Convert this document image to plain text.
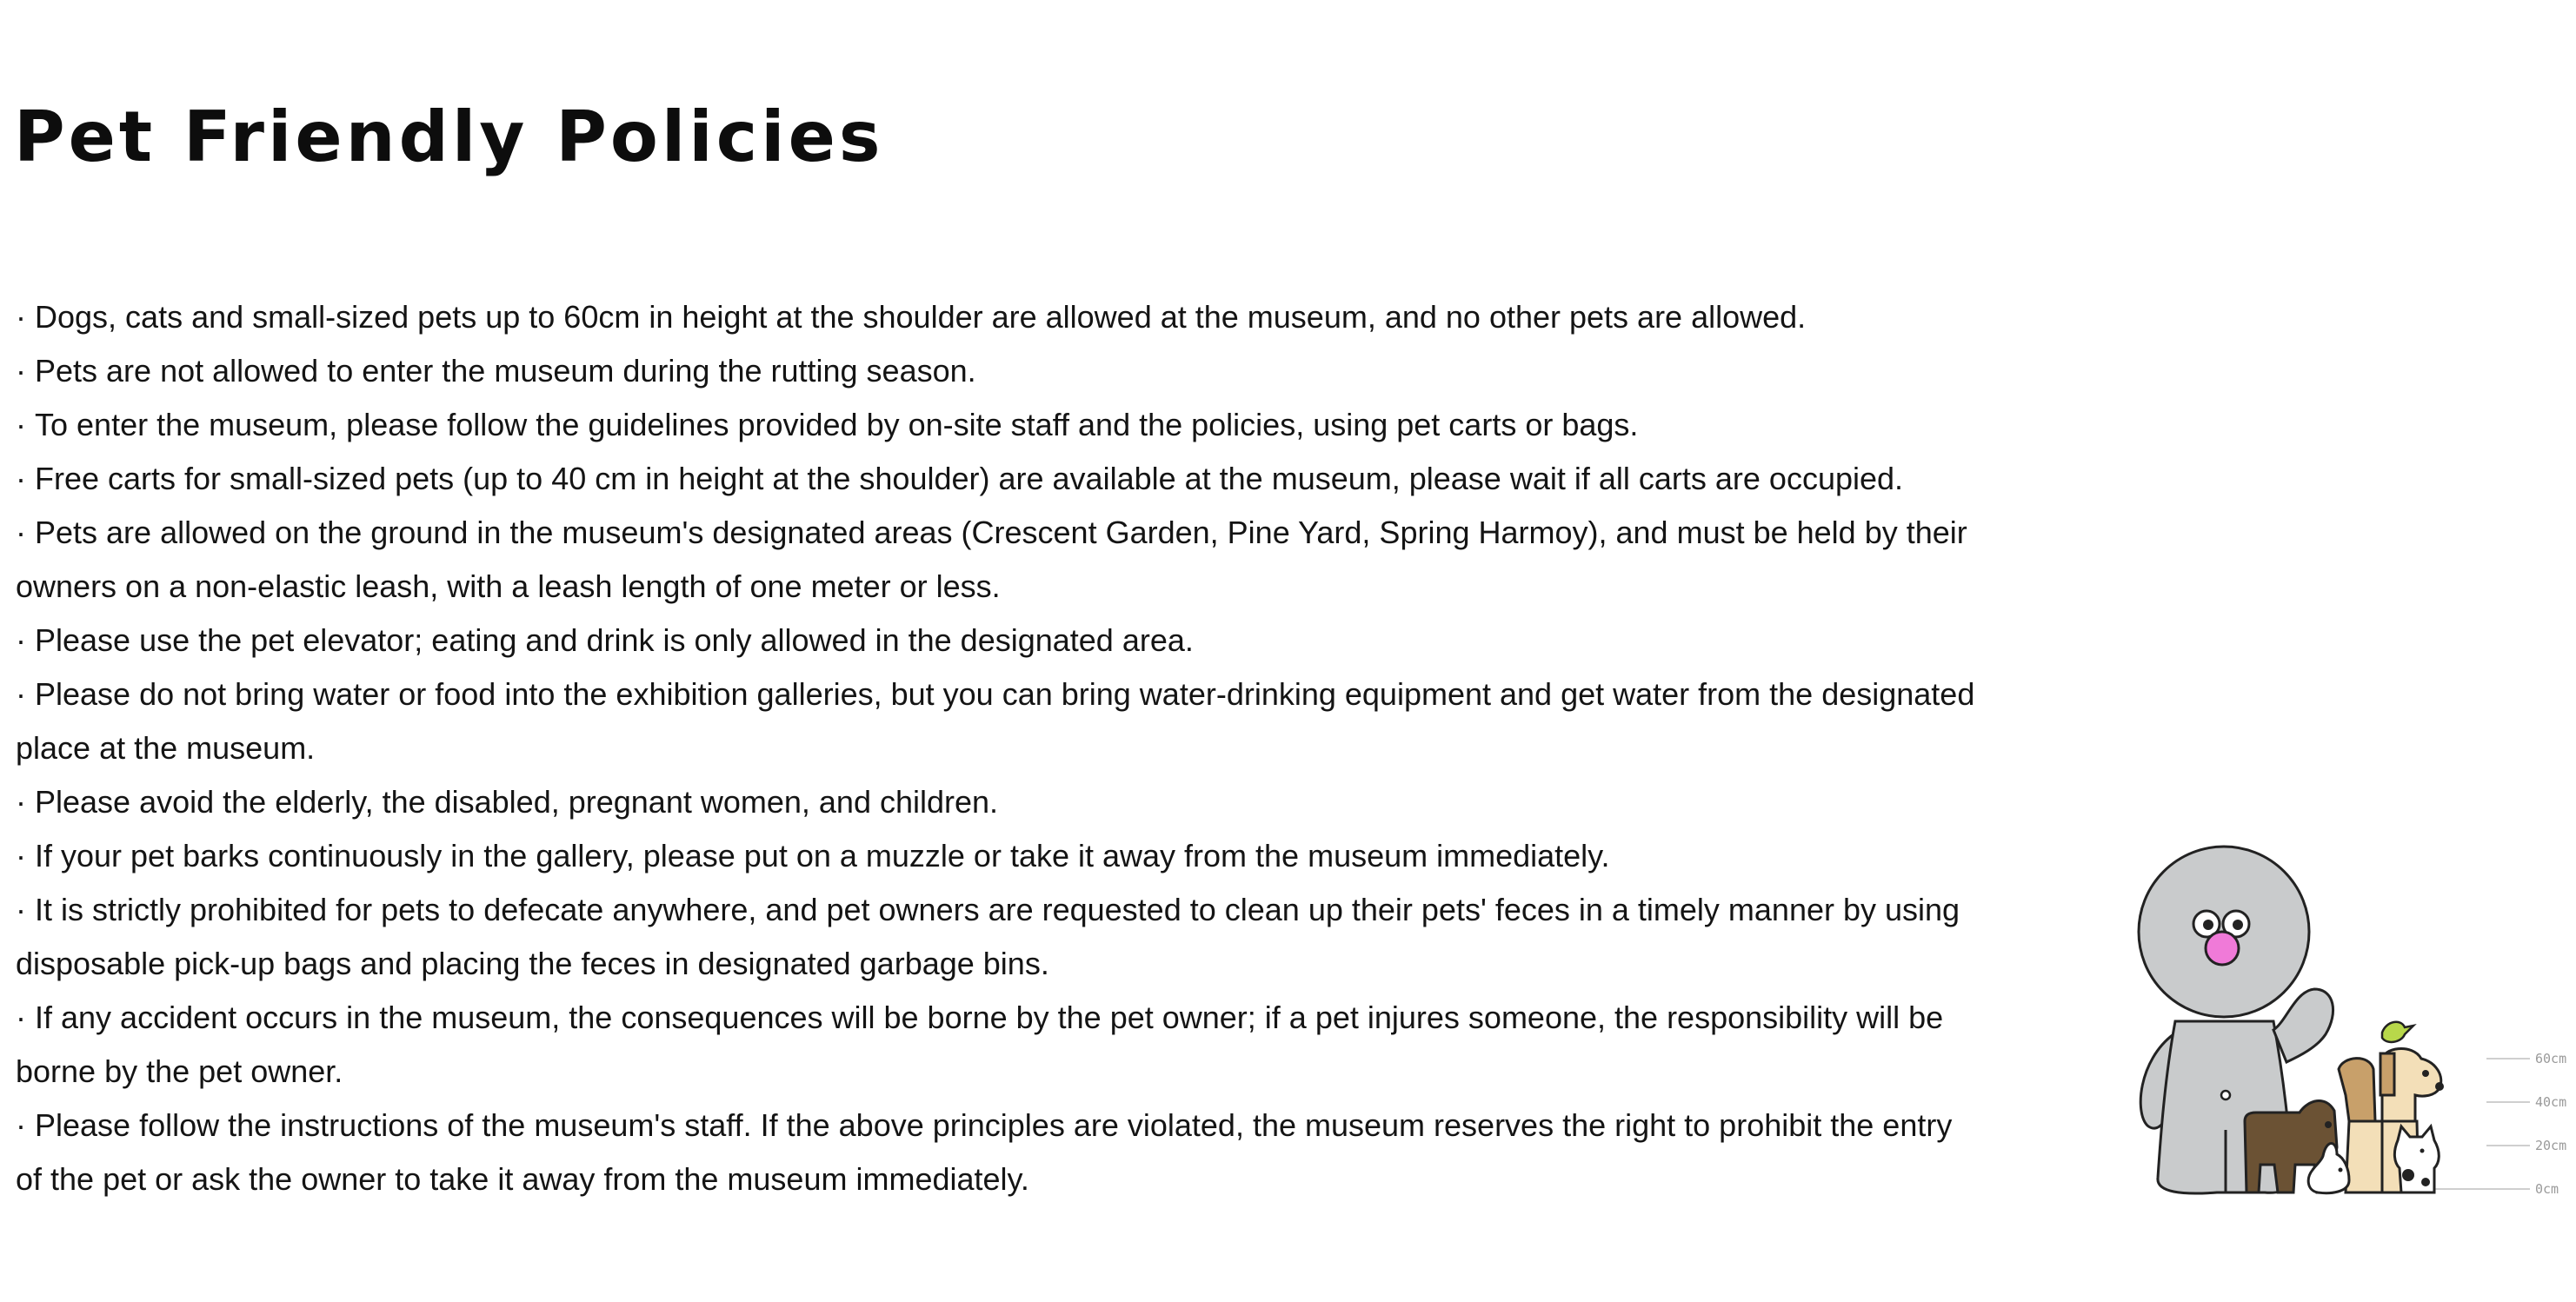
Pet Friendly Policies
· Dogs, cats and small-sized pets up to 60cm in height at the shoulder are allowed at the museum, and no other pets are allowed.
· Pets are not allowed to enter the museum during the rutting season.
· To enter the museum, please follow the guidelines provided by on-site staff and the policies, using pet carts or bags.
· Free carts for small-sized pets (up to 40 cm in height at the shoulder) are available at the museum, please wait if all carts are occupied.
· Pets are allowed on the ground in the museum's designated areas (Crescent Garden, Pine Yard, Spring Harmoy), and must be held by their owners on a non-elastic leash, with a leash length of one meter or less.
· Please use the pet elevator; eating and drink is only allowed in the designated area.
· Please do not bring water or food into the exhibition galleries, but you can bring water-drinking equipment and get water from the designated place at the museum.
· Please avoid the elderly, the disabled, pregnant women, and children.
· If your pet barks continuously in the gallery, please put on a muzzle or take it away from the museum immediately.
· It is strictly prohibited for pets to defecate anywhere, and pet owners are requested to clean up their pets' feces in a timely manner by using disposable pick-up bags and placing the feces in designated garbage bins.
· If any accident occurs in the museum, the consequences will be borne by the pet owner; if a pet injures someone, the responsibility will be borne by the pet owner.
· Please follow the instructions of the museum's staff. If the above principles are violated, the museum reserves the right to prohibit the entry of the pet or ask the owner to take it away from the museum immediately.
60cm
40cm
20cm
0cm
